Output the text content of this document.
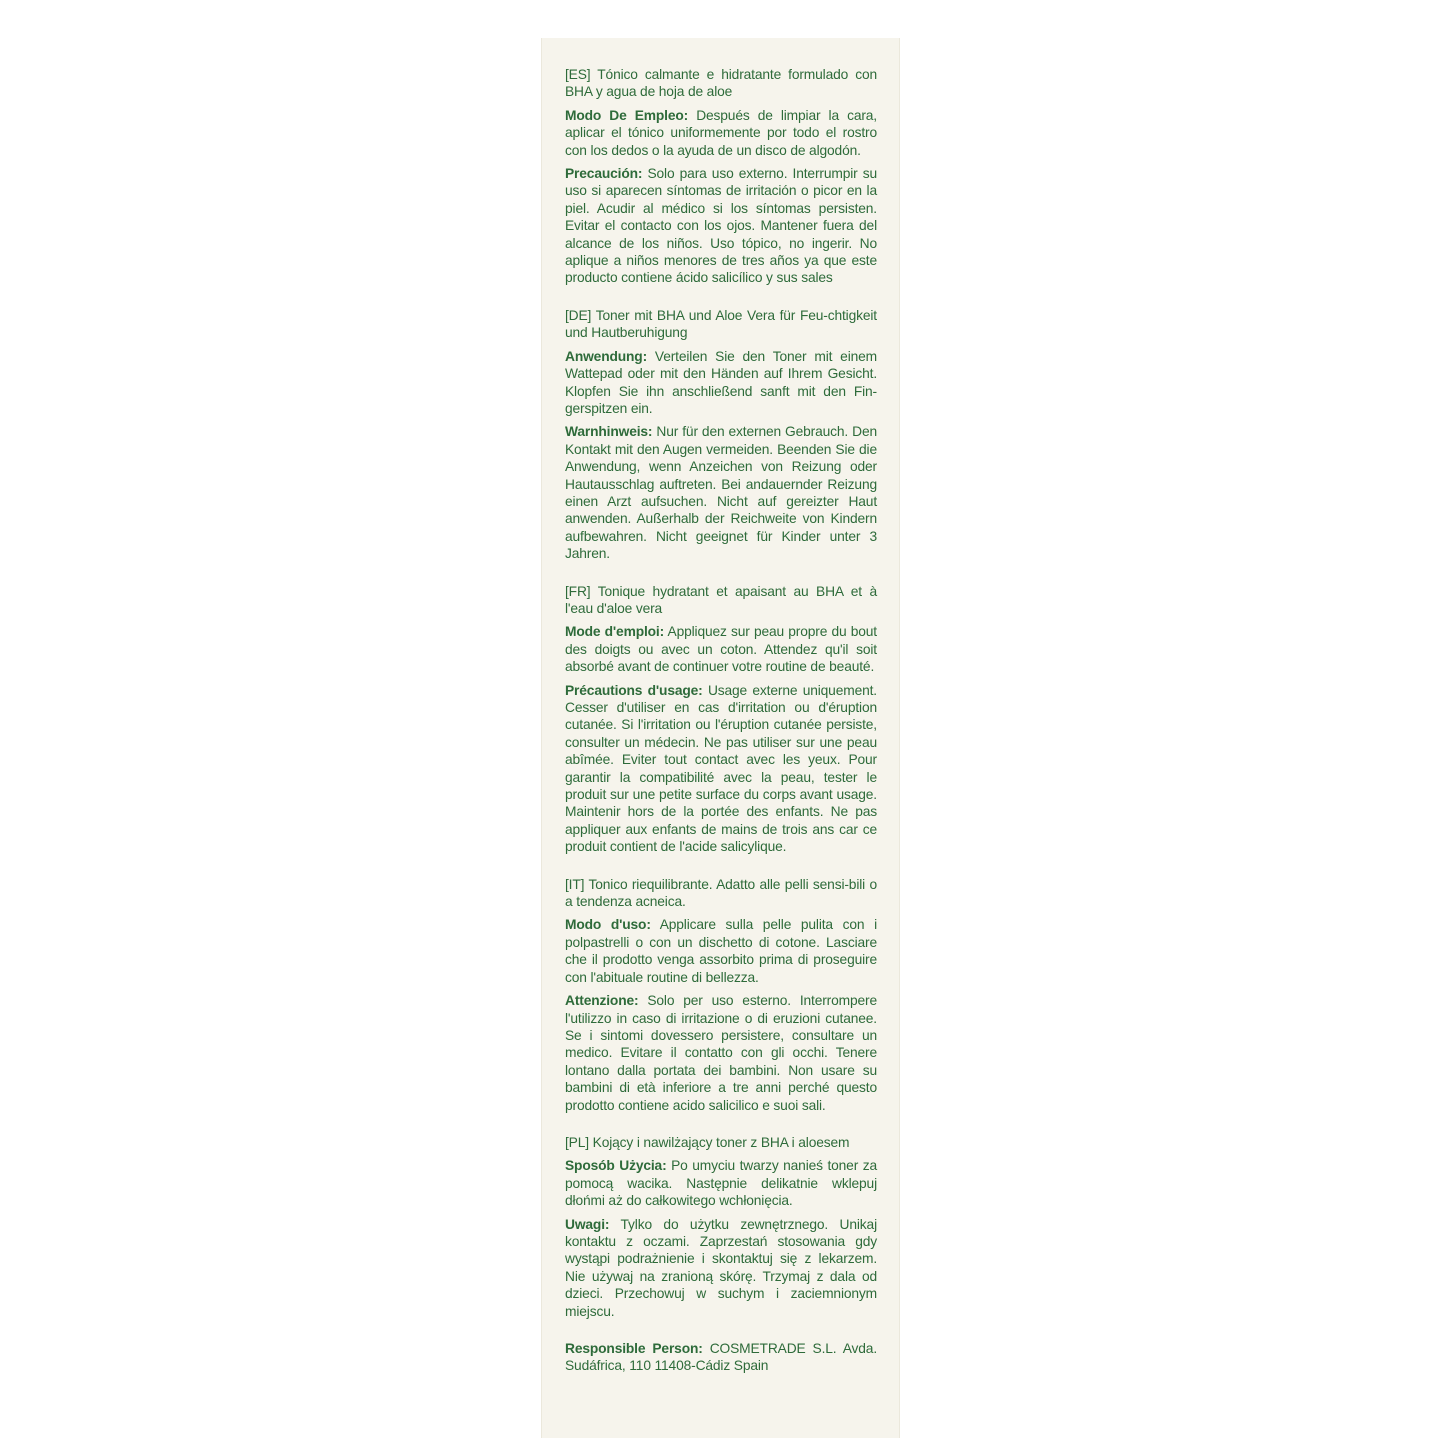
[ES] Tónico calmante e hidratante formulado con BHA y agua de hoja de aloe

Modo De Empleo: Después de limpiar la cara, aplicar el tónico uniformemente por todo el rostro con los dedos o la ayuda de un disco de algodón.

Precaución: Solo para uso externo. Interrumpir su uso si aparecen síntomas de irritación o picor en la piel. Acudir al médico si los síntomas persisten. Evitar el contacto con los ojos. Mantener fuera del alcance de los niños. Uso tópico, no ingerir. No aplique a niños menores de tres años ya que este producto contiene ácido salicílico y sus sales

[DE] Toner mit BHA und Aloe Vera für Feu-chtigkeit und Hautberuhigung

Anwendung: Verteilen Sie den Toner mit einem Wattepad oder mit den Händen auf Ihrem Gesicht. Klopfen Sie ihn anschließend sanft mit den Fin-gerspitzen ein.

Warnhinweis: Nur für den externen Gebrauch. Den Kontakt mit den Augen vermeiden. Beenden Sie die Anwendung, wenn Anzeichen von Reizung oder Hautausschlag auftreten. Bei andauernder Reizung einen Arzt aufsuchen. Nicht auf gereizter Haut anwenden. Außerhalb der Reichweite von Kindern aufbewahren. Nicht geeignet für Kinder unter 3 Jahren.

[FR] Tonique hydratant et apaisant au BHA et à l'eau d'aloe vera

Mode d'emploi: Appliquez sur peau propre du bout des doigts ou avec un coton. Attendez qu'il soit absorbé avant de continuer votre routine de beauté.

Précautions d'usage: Usage externe uniquement. Cesser d'utiliser en cas d'irritation ou d'éruption cutanée. Si l'irritation ou l'éruption cutanée persiste, consulter un médecin. Ne pas utiliser sur une peau abîmée. Eviter tout contact avec les yeux. Pour garantir la compatibilité avec la peau, tester le produit sur une petite surface du corps avant usage. Maintenir hors de la portée des enfants. Ne pas appliquer aux enfants de mains de trois ans car ce produit contient de l'acide salicylique.

[IT] Tonico riequilibrante. Adatto alle pelli sensi-bili o a tendenza acneica.

Modo d'uso: Applicare sulla pelle pulita con i polpastrelli o con un dischetto di cotone. Lasciare che il prodotto venga assorbito prima di proseguire con l'abituale routine di bellezza.

Attenzione: Solo per uso esterno. Interrompere l'utilizzo in caso di irritazione o di eruzioni cutanee. Se i sintomi dovessero persistere, consultare un medico. Evitare il contatto con gli occhi. Tenere lontano dalla portata dei bambini. Non usare su bambini di età inferiore a tre anni perché questo prodotto contiene acido salicilico e suoi sali.

[PL] Kojący i nawilżający toner z BHA i aloesem

Sposób Użycia: Po umyciu twarzy nanieś toner za pomocą wacika. Następnie delikatnie wklepuj dłońmi aż do całkowitego wchłonięcia.

Uwagi: Tylko do użytku zewnętrznego. Unikaj kontaktu z oczami. Zaprzestań stosowania gdy wystąpi podrażnienie i skontaktuj się z lekarzem. Nie używaj na zranioną skórę. Trzymaj z dala od dzieci. Przechowuj w suchym i zaciemnionym miejscu.

Responsible Person: COSMETRADE S.L. Avda. Sudáfrica, 110 11408-Cádiz Spain
